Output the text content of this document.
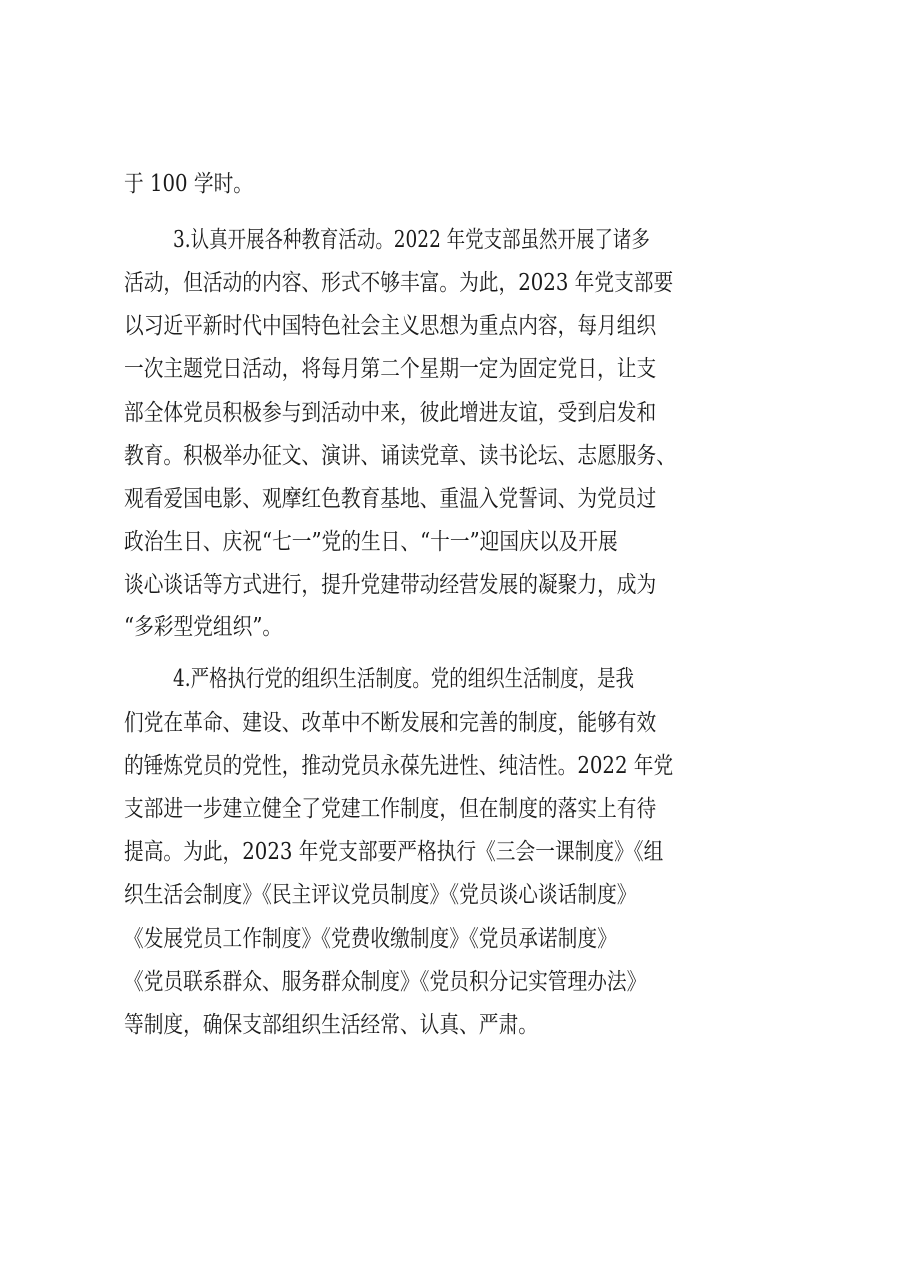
于 100 学时。
3.认真开展各种教育活动。2022 年党支部虽然开展了诸多
活动，但活动的内容、形式不够丰富。为此，2023 年党支部要
以习近平新时代中国特色社会主义思想为重点内容，每月组织
一次主题党日活动，将每月第二个星期一定为固定党日，让支
部全体党员积极参与到活动中来，彼此增进友谊，受到启发和
教育。积极举办征文、演讲、诵读党章、读书论坛、志愿服务、
观看爱国电影、观摩红色教育基地、重温入党誓词、为党员过
政治生日、庆祝“七一”党的生日、“十一”迎国庆以及开展
谈心谈话等方式进行，提升党建带动经营发展的凝聚力，成为
“多彩型党组织”。
4.严格执行党的组织生活制度。党的组织生活制度，是我
们党在革命、建设、改革中不断发展和完善的制度，能够有效
的锤炼党员的党性，推动党员永葆先进性、纯洁性。2022 年党
支部进一步建立健全了党建工作制度，但在制度的落实上有待
提高。为此，2023 年党支部要严格执行《三会一课制度》《组
织生活会制度》《民主评议党员制度》《党员谈心谈话制度》
《发展党员工作制度》《党费收缴制度》《党员承诺制度》
《党员联系群众、服务群众制度》《党员积分记实管理办法》
等制度，确保支部组织生活经常、认真、严肃。
